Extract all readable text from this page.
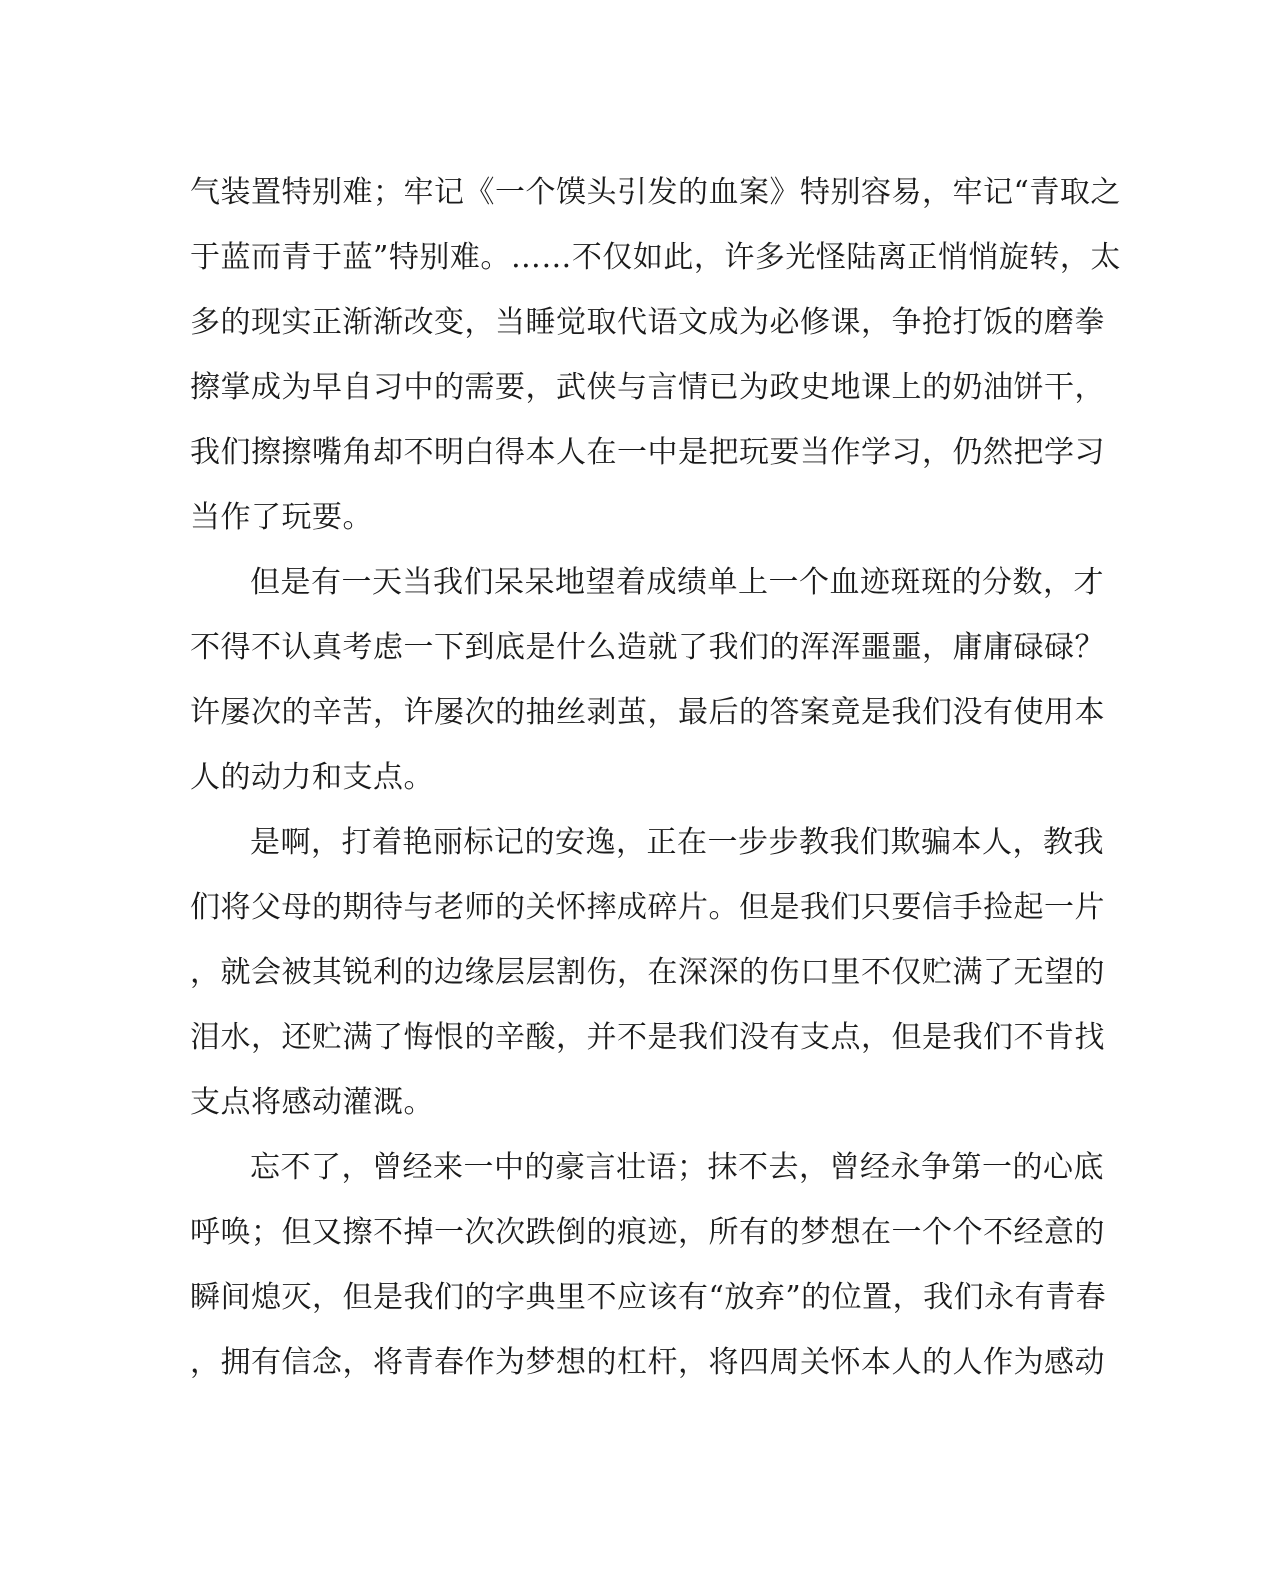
气装置特别难；牢记《一个馍头引发的血案》特别容易，牢记“青取之
于蓝而青于蓝”特别难。……不仅如此，许多光怪陆离正悄悄旋转，太
多的现实正渐渐改变，当睡觉取代语文成为必修课，争抢打饭的磨拳
擦掌成为早自习中的需要，武侠与言情已为政史地课上的奶油饼干，
我们擦擦嘴角却不明白得本人在一中是把玩要当作学习，仍然把学习
当作了玩要。
但是有一天当我们呆呆地望着成绩单上一个血迹斑斑的分数，才
不得不认真考虑一下到底是什么造就了我们的浑浑噩噩，庸庸碌碌？
许屡次的辛苦，许屡次的抽丝剥茧，最后的答案竟是我们没有使用本
人的动力和支点。
是啊，打着艳丽标记的安逸，正在一步步教我们欺骗本人，教我
们将父母的期待与老师的关怀摔成碎片。但是我们只要信手捡起一片
，就会被其锐利的边缘层层割伤，在深深的伤口里不仅贮满了无望的
泪水，还贮满了悔恨的辛酸，并不是我们没有支点，但是我们不肯找
支点将感动灌溉。
忘不了，曾经来一中的豪言壮语；抹不去，曾经永争第一的心底
呼唤；但又擦不掉一次次跌倒的痕迹，所有的梦想在一个个不经意的
瞬间熄灭，但是我们的字典里不应该有“放弃”的位置，我们永有青春
，拥有信念，将青春作为梦想的杠杆，将四周关怀本人的人作为感动
